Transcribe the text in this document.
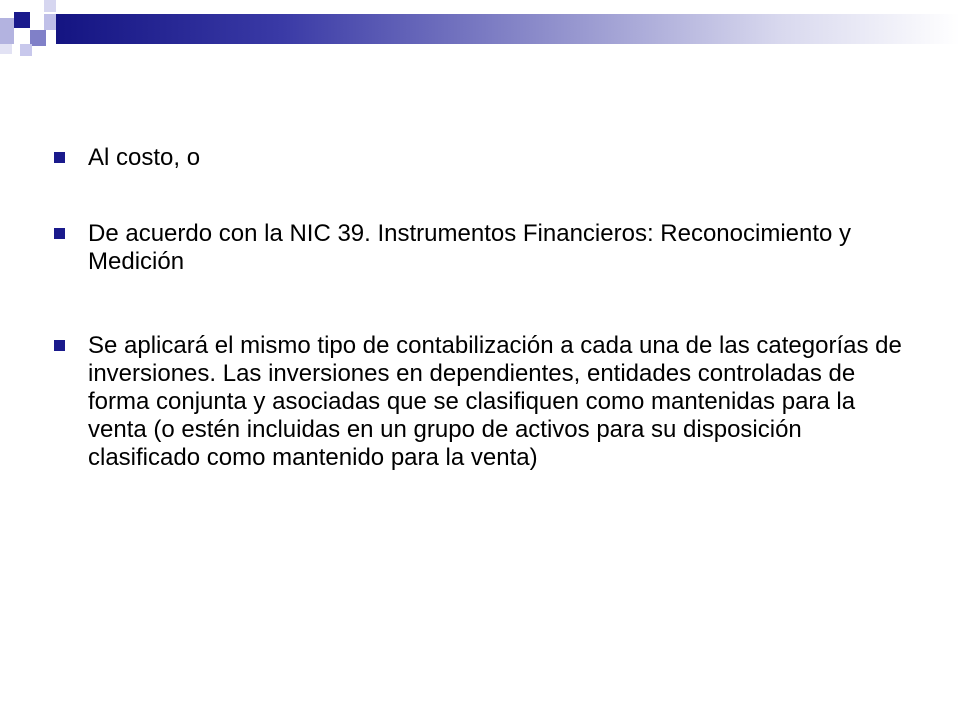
Al costo, o
De acuerdo con la NIC 39. Instrumentos Financieros: Reconocimiento y Medición
Se aplicará el mismo tipo de contabilización a cada una de las categorías de inversiones. Las inversiones en dependientes, entidades controladas de forma conjunta y asociadas que se clasifiquen como mantenidas para la venta (o estén incluidas en un grupo de activos para su disposición clasificado como mantenido para la venta)
